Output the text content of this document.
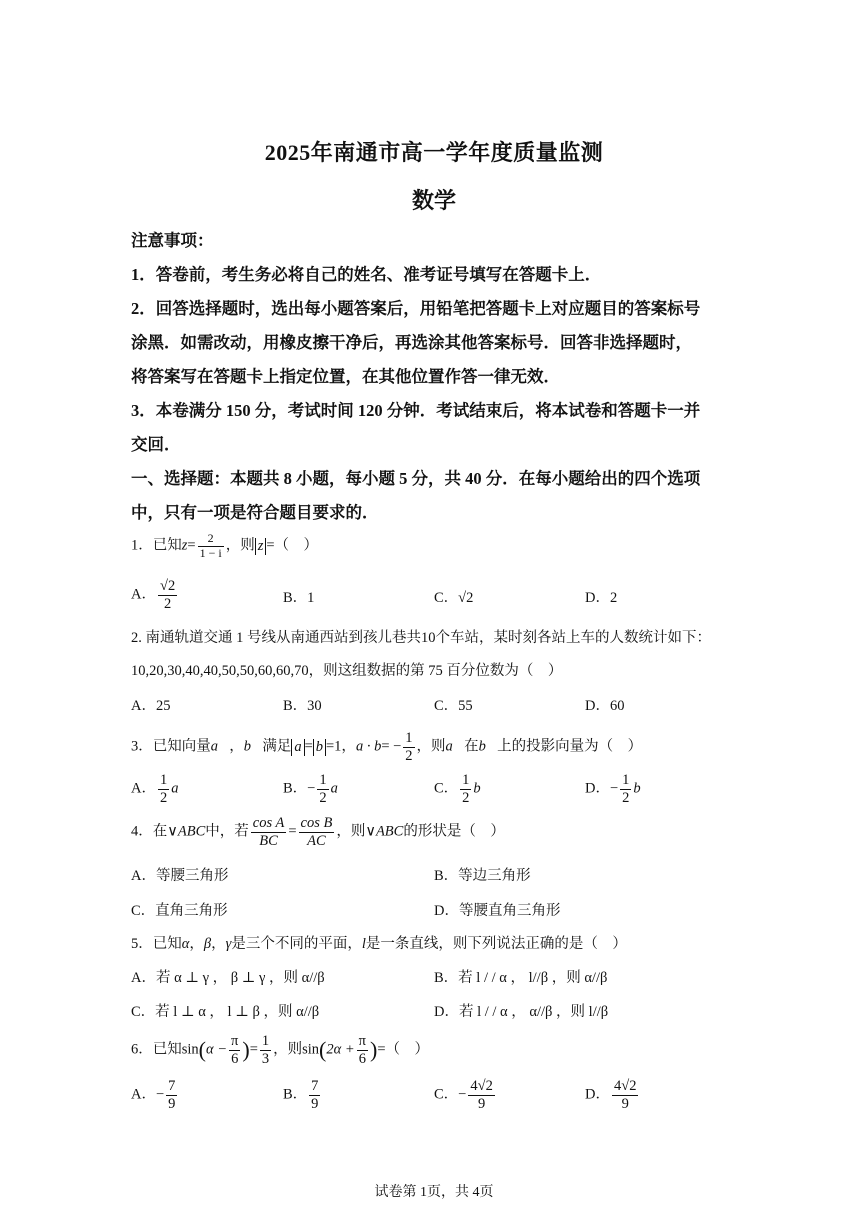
2025年南通市高一学年度质量监测
数学
注意事项：
1．答卷前，考生务必将自己的姓名、准考证号填写在答题卡上．
2．回答选择题时，选出每小题答案后，用铅笔把答题卡上对应题目的答案标号
涂黑．如需改动，用橡皮擦干净后，再选涂其他答案标号．回答非选择题时，
将答案写在答题卡上指定位置，在其他位置作答一律无效．
3．本卷满分 150 分，考试时间 120 分钟．考试结束后，将本试卷和答题卡一并
交回．
一、选择题：本题共 8 小题，每小题 5 分，共 40 分．在每小题给出的四个选项
中，只有一项是符合题目要求的．
1．已知$z= \frac{2}{1 - i}$ ，则 z =（　）
A． $\frac{√2}{2}$	B．1	C．√2	D．2
2. 南通轨道交通 1 号线从南通西站到孩儿巷共10个车站，某时刻各站上车的人数统计如下：
10,20,30,40,40,50,50,60,60,70，则这组数据的第 75 百分位数为（　）
A．25	B．30	C．55	D．60
3．已知向量a⃗，b⃗满足 a = b =1，$a \cdot b= - \frac{1}{2}$ ，则a⃗在b⃗上的投影向量为（　）
A． $\frac{1}{2}$ a⃗	B．− $\frac{1}{2}$ a⃗	C． $\frac{1}{2}$ b⃗	D．− $\frac{1}{2}$ b⃗
4．在∨ABC中，若 $\frac{\text{cos A}}{BC} = \frac{\text{cos B}}{AC}$ ，则∨ABC的形状是（　）
A．等腰三角形	B．等边三角形
C．直角三角形	D．等腰直角三角形
5．已知α，β，γ是三个不同的平面，l是一条直线，则下列说法正确的是（　）
A．若 α ⊥ γ ， β ⊥ γ ，则 α//β	B．若 l / / α ， l//β ，则 α//β
C．若 l ⊥ α ， l ⊥ β ，则 α//β	D．若 l / / α ， α//β ，则 l//β
6．已知$\sin(\alpha - \frac{\pi}{6}$ )= $\frac{1}{3}$ ，则$\sin(2\alpha + \frac{\pi}{6}$ )=（　）
A．− $\frac{7}{9}$	B． $\frac{7}{9}$	C．− $\frac{4√2}{9}$	D． $\frac{4√2}{9}$
试卷第 1页，共 4页
